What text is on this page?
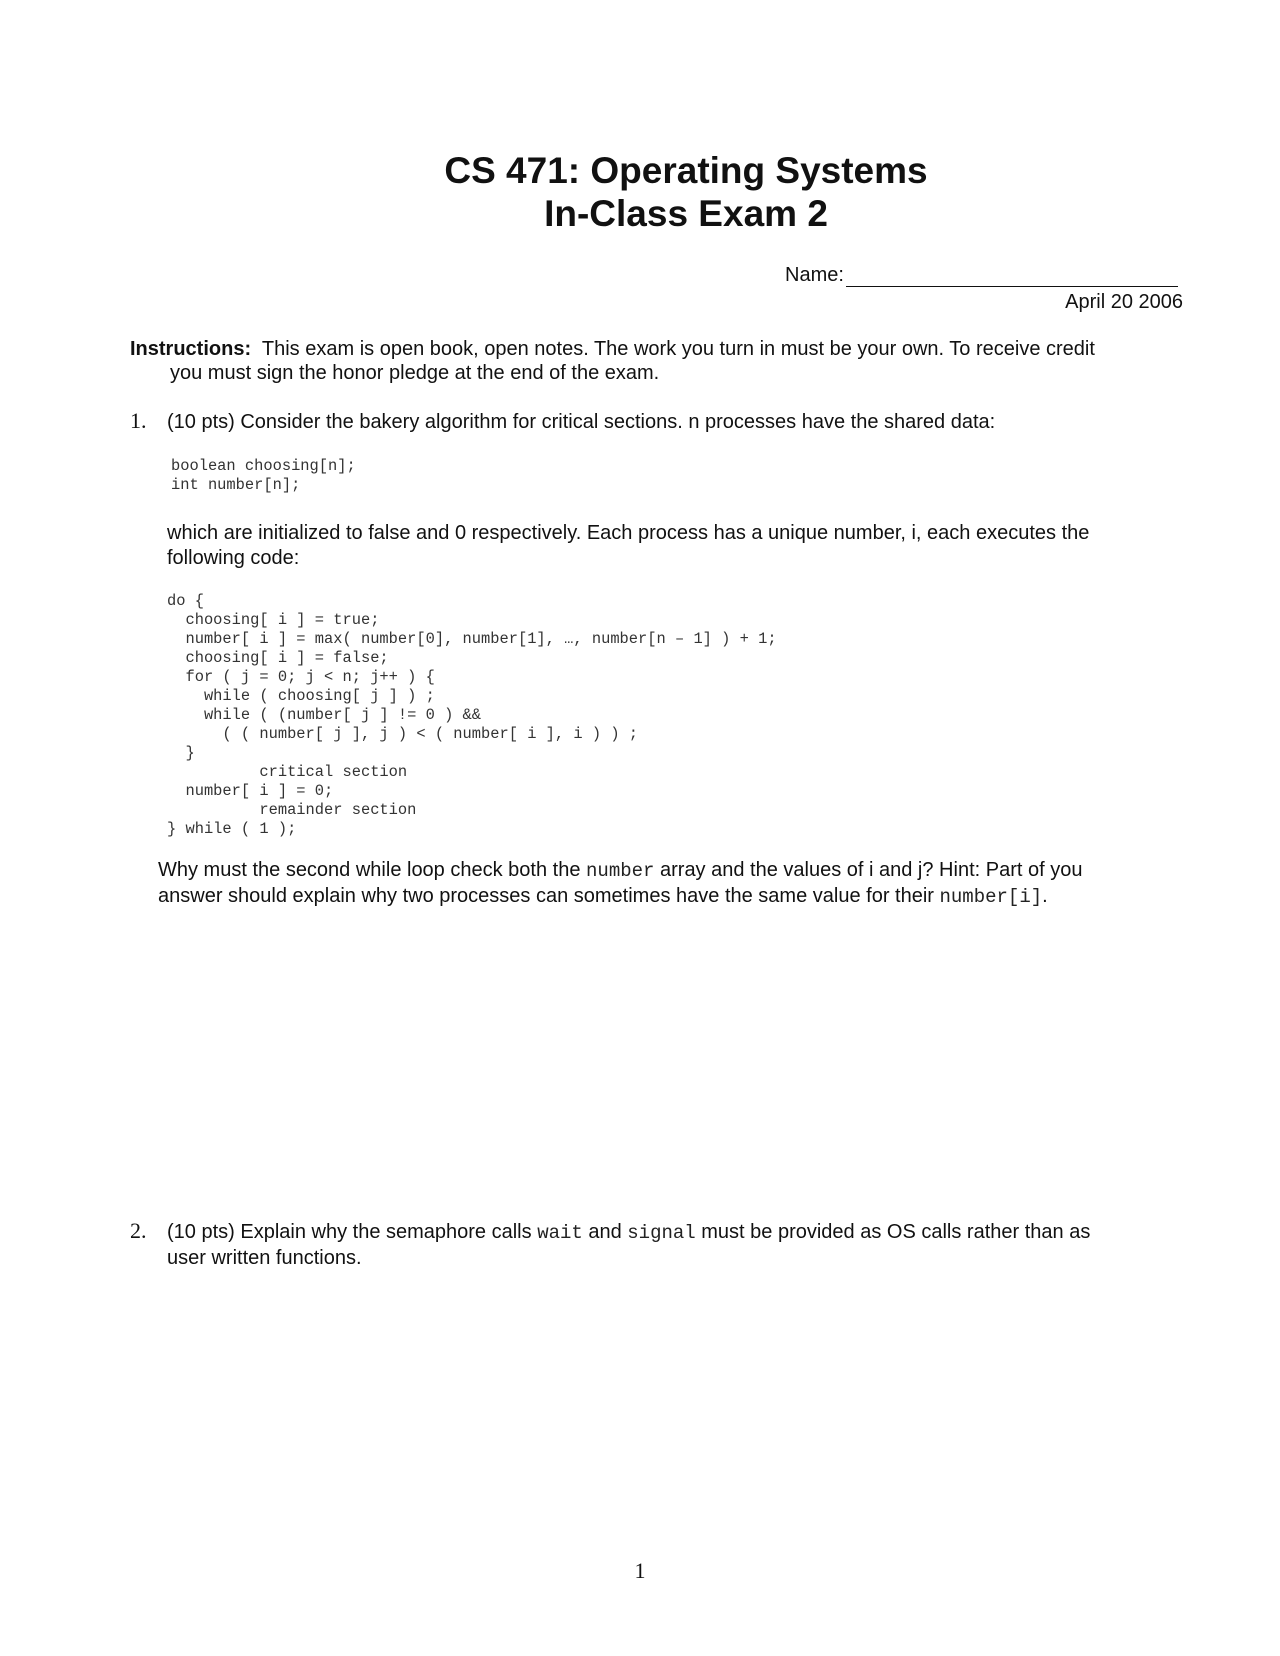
CS 471: Operating Systems
In-Class Exam 2
Name:
April 20 2006
Instructions: This exam is open book, open notes. The work you turn in must be your own. To receive credit
you must sign the honor pledge at the end of the exam.
1. (10 pts) Consider the bakery algorithm for critical sections. n processes have the shared data:
boolean choosing[n];
int number[n];
which are initialized to false and 0 respectively. Each process has a unique number, i, each executes the
following code:
do {
choosing[ i ] = true;
number[ i ] = max( number[0], number[1], …, number[n – 1] ) + 1;
choosing[ i ] = false;
for ( j = 0; j < n; j++ ) {
while ( choosing[ j ] ) ;
while ( (number[ j ] != 0 ) &&
( ( number[ j ], j ) < ( number[ i ], i ) ) ;
}
critical section
number[ i ] = 0;
remainder section
} while ( 1 );
Why must the second while loop check both the number array and the values of i and j? Hint: Part of you
answer should explain why two processes can sometimes have the same value for their number[i].
2. (10 pts) Explain why the semaphore calls wait and signal must be provided as OS calls rather than as
user written functions.
1
